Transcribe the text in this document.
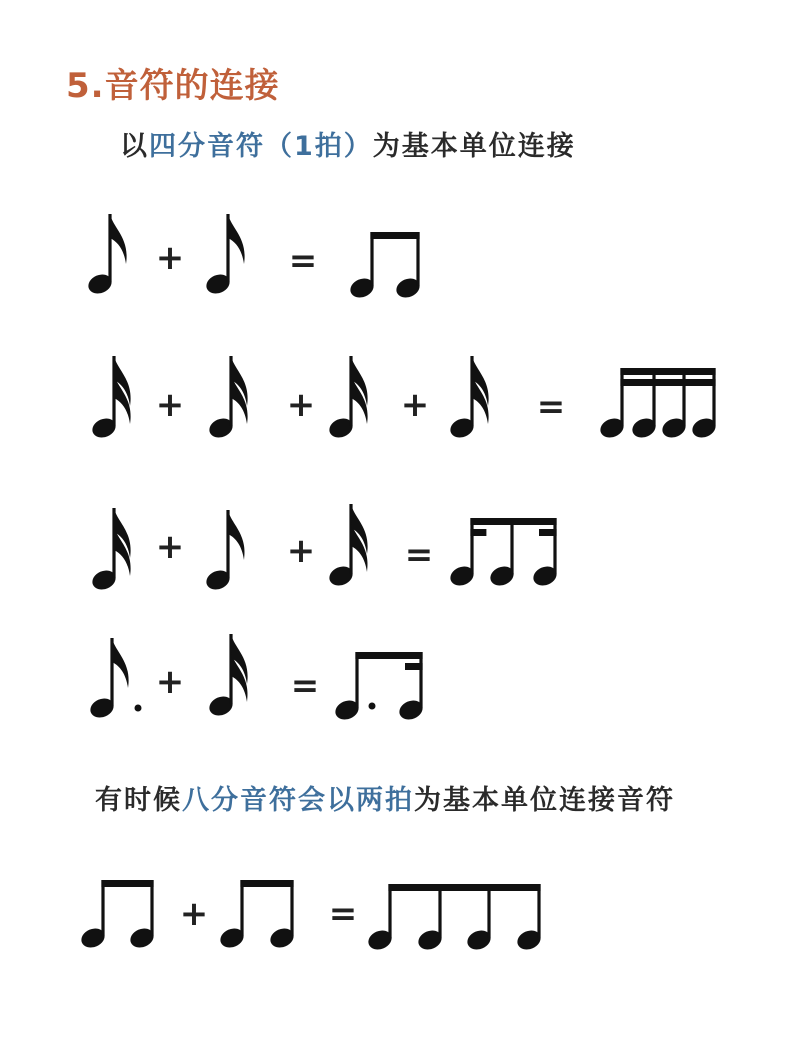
5.音符的连接
以四分音符（1拍）为基本单位连接
有时候八分音符会以两拍为基本单位连接音符
+	=
+	+	+	=
+	+	=
+	=
+	=
